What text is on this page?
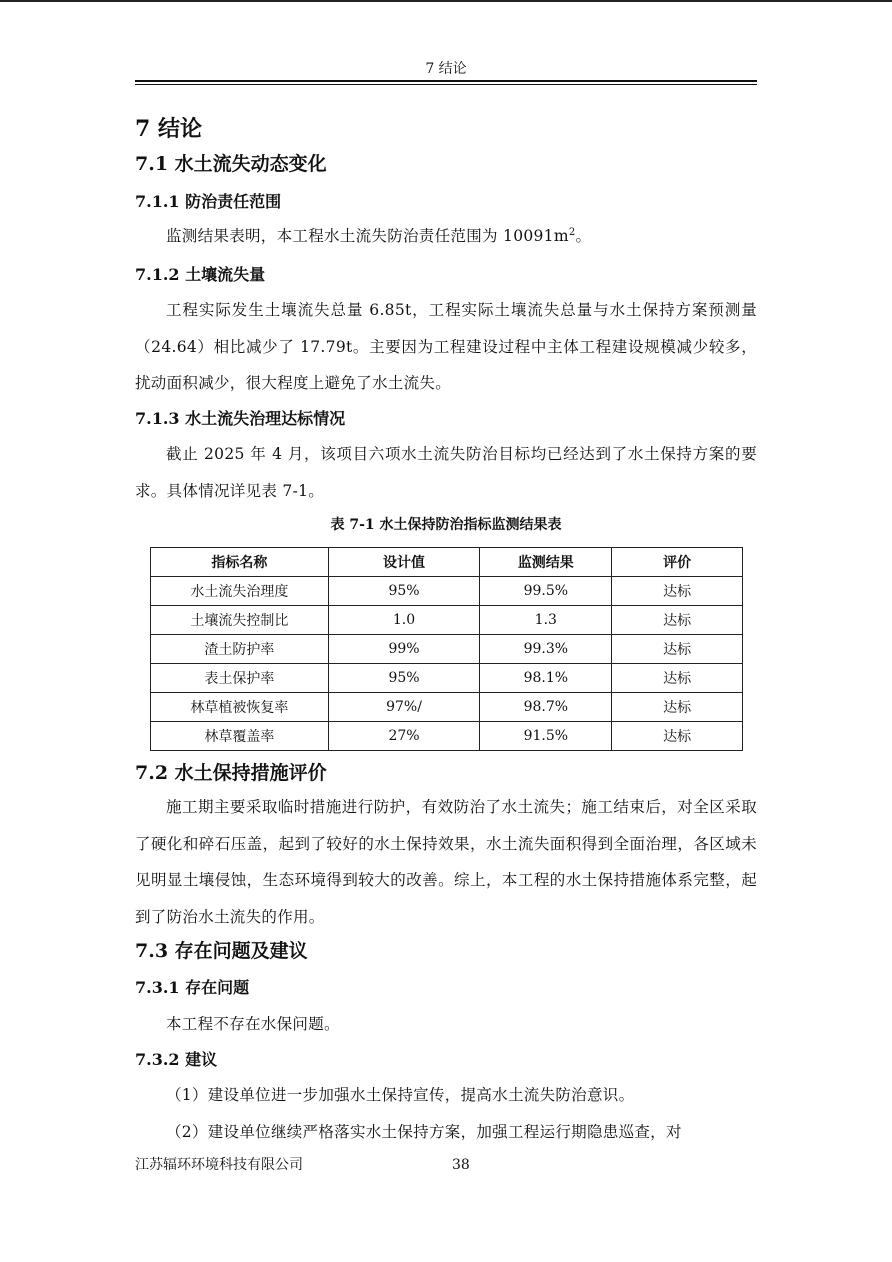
7 结论
7 结论
7.1 水土流失动态变化
7.1.1 防治责任范围
监测结果表明，本工程水土流失防治责任范围为 $10091m^2$。
7.1.2 土壤流失量
工程实际发生土壤流失总量 6.85t，工程实际土壤流失总量与水土保持方案预测量（24.64）相比减少了 17.79t。主要因为工程建设过程中主体工程建设规模减少较多，扰动面积减少，很大程度上避免了水土流失。
7.1.3 水土流失治理达标情况
截止 2025 年 4 月，该项目六项水土流失防治目标均已经达到了水土保持方案的要求。具体情况详见表 7-1。
表 7-1 水土保持防治指标监测结果表
指标名称	设计值	监测结果	评价
水土流失治理度	95%	99.5%	达标
土壤流失控制比	1.0	1.3	达标
渣土防护率	99%	99.3%	达标
表土保护率	95%	98.1%	达标
林草植被恢复率	97%/	98.7%	达标
林草覆盖率	27%	91.5%	达标
7.2 水土保持措施评价
施工期主要采取临时措施进行防护，有效防治了水土流失；施工结束后，对全区采取了硬化和碎石压盖，起到了较好的水土保持效果，水土流失面积得到全面治理，各区域未见明显土壤侵蚀，生态环境得到较大的改善。综上，本工程的水土保持措施体系完整，起到了防治水土流失的作用。
7.3 存在问题及建议
7.3.1 存在问题
本工程不存在水保问题。
7.3.2 建议
（1）建设单位进一步加强水土保持宣传，提高水土流失防治意识。
（2）建设单位继续严格落实水土保持方案，加强工程运行期隐患巡查，对
江苏辐环环境科技有限公司	38
